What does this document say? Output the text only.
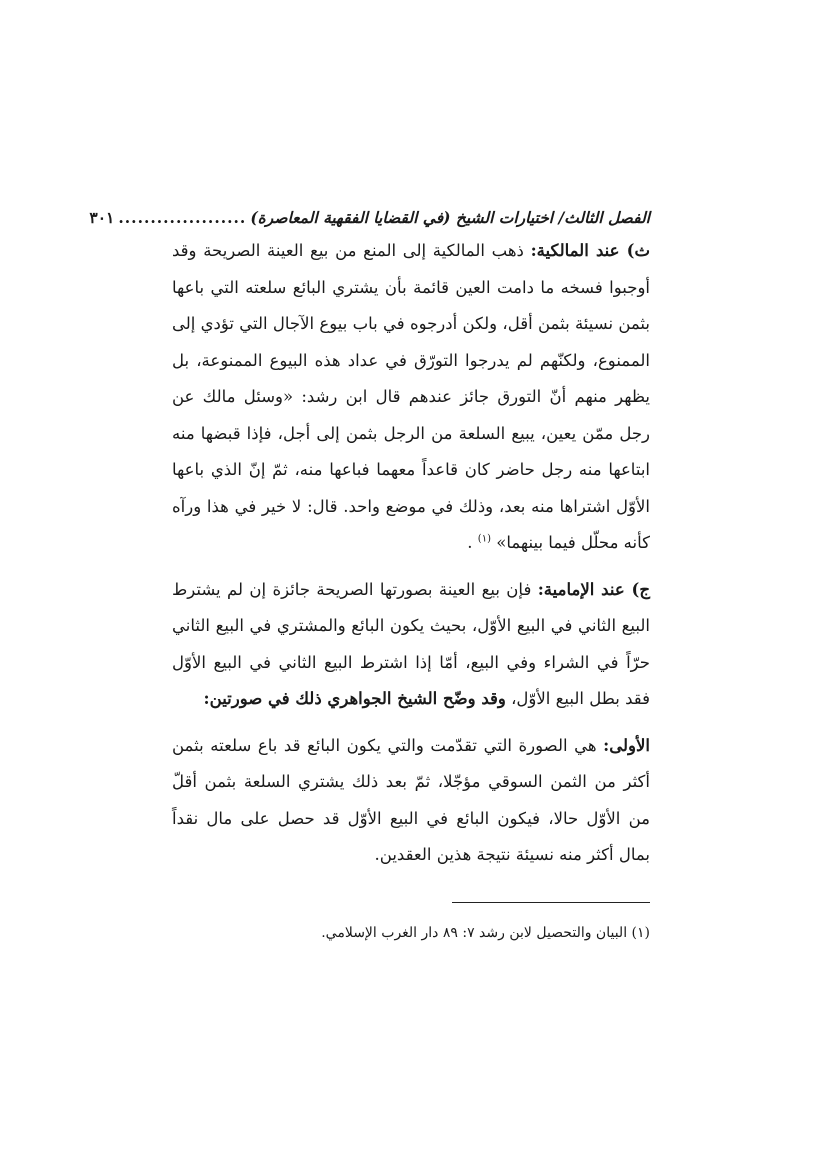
الفصل الثالث/ اختيارات الشيخ (في القضايا الفقهية المعاصرة)
....................
٣٠١

ث) عند المالكية: ذهب المالكية إلى المنع من بيع العينة الصريحة وقد أوجبوا فسخه ما دامت العين قائمة بأن يشتري البائع سلعته التي باعها بثمن نسيئة بثمن أقل، ولكن أدرجوه في باب بيوع الآجال التي تؤدي إلى الممنوع، ولكنّهم لم يدرجوا التورّق في عداد هذه البيوع الممنوعة، بل يظهر منهم أنّ التورق جائز عندهم قال ابن رشد: «وسئل مالك عن رجل ممّن يعين، يبيع السلعة من الرجل بثمن إلى أجل، فإذا قبضها منه ابتاعها منه رجل حاضر كان قاعداً معهما فباعها منه، ثمّ إنّ الذي باعها الأوّل اشتراها منه بعد، وذلك في موضع واحد. قال: لا خير في هذا ورآه كأنه محلّل فيما بينهما» $^{(١)}$ .

ج) عند الإمامية: فإن بيع العينة بصورتها الصريحة جائزة إن لم يشترط البيع الثاني في البيع الأوّل، بحيث يكون البائع والمشتري في البيع الثاني حرّاً في الشراء وفي البيع، أمّا إذا اشترط البيع الثاني في البيع الأوّل فقد بطل البيع الأوّل، وقد وضّح الشيخ الجواهري ذلك في صورتين:

الأولى: هي الصورة التي تقدّمت والتي يكون البائع قد باع سلعته بثمن أكثر من الثمن السوقي مؤجّلا، ثمّ بعد ذلك يشتري السلعة بثمن أقلّ من الأوّل حالا، فيكون البائع في البيع الأوّل قد حصل على مال نقداً بمال أكثر منه نسيئة نتيجة هذين العقدين.

(١) البيان والتحصيل لابن رشد ٧: ٨٩ دار الغرب الإسلامي.
